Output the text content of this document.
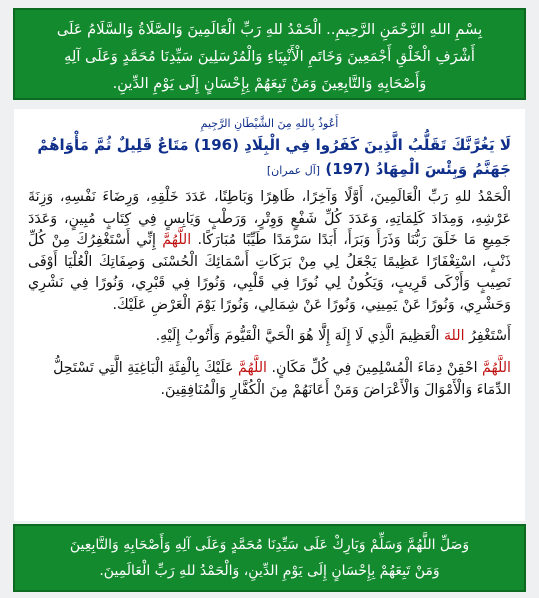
بِسْمِ اللهِ الرَّحْمَنِ الرَّحِيمِ.. الْحَمْدُ للهِ رَبِّ الْعَالَمِينَ وَالصَّلَاةُ وَالسَّلَامُ عَلَى
أَشْرَفِ الْخَلْقِ أَجْمَعِينَ وَخَاتَمِ الْأَنْبِيَاءِ وَالْمُرْسَلِينَ سَيِّدِنَا مُحَمَّدٍ وَعَلَى آلِهِ
وَأَصْحَابِهِ وَالتَّابِعِينَ وَمَنْ تَبِعَهُمْ بِإِحْسَانٍ إِلَى يَوْمِ الدِّينِ.
أَعُوذُ بِاللهِ مِنَ الشَّيْطَانِ الرَّجِيمِ
لَا يَغُرَّنَّكَ تَقَلُّبُ الَّذِينَ كَفَرُوا فِي الْبِلَادِ (196) مَتَاعٌ قَلِيلٌ ثُمَّ مَأْوَاهُمْ جَهَنَّمُ وَبِئْسَ الْمِهَادُ (197) [آل عمران]
الْحَمْدُ للهِ رَبِّ الْعَالَمِينَ، أَوَّلًا وَآخِرًا، ظَاهِرًا وَبَاطِنًا، عَدَدَ خَلْقِهِ، وَرِضَاءَ نَفْسِهِ، وَزِنَةَ عَرْشِهِ، وَمِدَادَ كَلِمَاتِهِ، وَعَدَدَ كُلِّ شَفْعٍ وَوِتْرٍ، وَرَطْبٍ وَيَابِسٍ فِي كِتَابٍ مُبِينٍ، وَعَدَدَ جَمِيعِ مَا خَلَقَ رَبُّنَا وَذَرَأَ وَبَرَأَ، أَبَدًا سَرْمَدًا طَيِّبًا مُبَارَكًا. اللَّهُمَّ إِنِّي أَسْتَغْفِرُكَ مِنْ كُلِّ ذَنْبٍ، اسْتِغْفَارًا عَظِيمًا يَجْعَلُ لِي مِنْ بَرَكَاتِ أَسْمَائِكَ الْحُسْنَى وَصِفَاتِكَ الْعُلْيَا أَوْفَى نَصِيبٍ وَأَزْكَى قَرِيبٍ، وَيَكُونُ لِي نُورًا فِي قَلْبِي، وَنُورًا فِي قَبْرِي، وَنُورًا فِي نَشْرِي وَحَشْرِي، وَنُورًا عَنْ يَمِينِي، وَنُورًا عَنْ شِمَالِي، وَنُورًا يَوْمَ الْعَرْضِ عَلَيْكَ.
أَسْتَغْفِرُ اللهَ الْعَظِيمَ الَّذِي لَا إِلَهَ إِلَّا هُوَ الْحَيَّ الْقَيُّومَ وَأَتُوبُ إِلَيْهِ.
اللَّهُمَّ احْقِنْ دِمَاءَ الْمُسْلِمِينَ فِي كُلِّ مَكَانٍ. اللَّهُمَّ عَلَيْكَ بِالْفِئَةِ الْبَاغِيَةِ الَّتِي تَسْتَحِلُّ الدِّمَاءَ وَالْأَمْوَالَ وَالْأَعْرَاضَ وَمَنْ أَعَانَهُمْ مِنَ الْكُفَّارِ وَالْمُنَافِقِينَ.
وَصَلِّ اللَّهُمَّ وَسَلِّمْ وَبَارِكْ عَلَى سَيِّدِنَا مُحَمَّدٍ وَعَلَى آلِهِ وَأَصْحَابِهِ وَالتَّابِعِينَ
وَمَنْ تَبِعَهُمْ بِإِحْسَانٍ إِلَى يَوْمِ الدِّينِ، وَالْحَمْدُ للهِ رَبِّ الْعَالَمِينَ.
